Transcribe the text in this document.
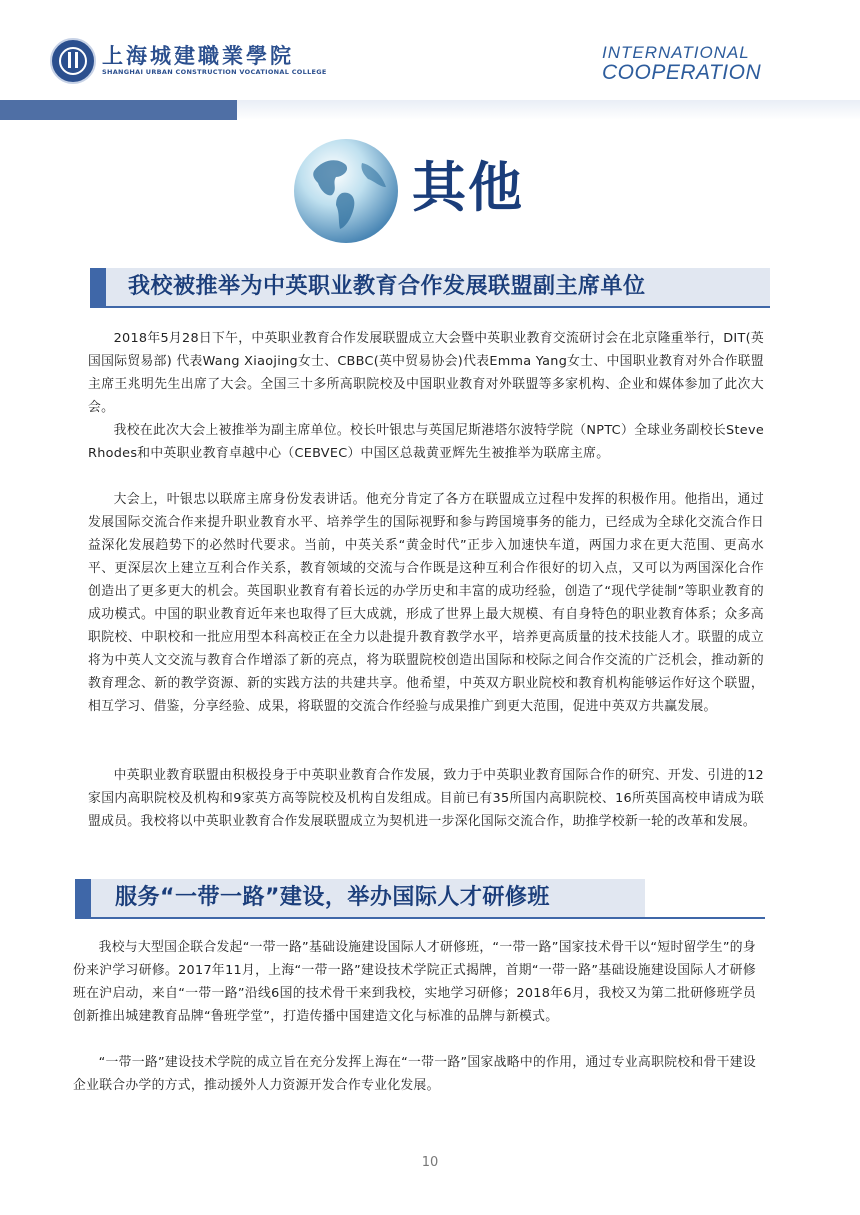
上海城建職業學院
SHANGHAI URBAN CONSTRUCTION VOCATIONAL COLLEGE
INTERNATIONAL
COOPERATION
其他
我校被推举为中英职业教育合作发展联盟副主席单位

2018年5月28日下午，中英职业教育合作发展联盟成立大会暨中英职业教育交流研讨会在北京隆重举行，DIT(英国国际贸易部) 代表Wang Xiaojing女士、CBBC(英中贸易协会)代表Emma Yang女士、中国职业教育对外合作联盟主席王兆明先生出席了大会。全国三十多所高职院校及中国职业教育对外联盟等多家机构、企业和媒体参加了此次大会。

我校在此次大会上被推举为副主席单位。校长叶银忠与英国尼斯港塔尔波特学院（NPTC）全球业务副校长Steve Rhodes和中英职业教育卓越中心（CEBVEC）中国区总裁黄亚辉先生被推举为联席主席。

大会上，叶银忠以联席主席身份发表讲话。他充分肯定了各方在联盟成立过程中发挥的积极作用。他指出，通过发展国际交流合作来提升职业教育水平、培养学生的国际视野和参与跨国境事务的能力，已经成为全球化交流合作日益深化发展趋势下的必然时代要求。当前，中英关系“黄金时代”正步入加速快车道，两国力求在更大范围、更高水平、更深层次上建立互利合作关系，教育领域的交流与合作既是这种互利合作很好的切入点，又可以为两国深化合作创造出了更多更大的机会。英国职业教育有着长远的办学历史和丰富的成功经验，创造了“现代学徒制”等职业教育的成功模式。中国的职业教育近年来也取得了巨大成就，形成了世界上最大规模、有自身特色的职业教育体系；众多高职院校、中职校和一批应用型本科高校正在全力以赴提升教育教学水平，培养更高质量的技术技能人才。联盟的成立将为中英人文交流与教育合作增添了新的亮点，将为联盟院校创造出国际和校际之间合作交流的广泛机会，推动新的教育理念、新的教学资源、新的实践方法的共建共享。他希望，中英双方职业院校和教育机构能够运作好这个联盟，相互学习、借鉴，分享经验、成果，将联盟的交流合作经验与成果推广到更大范围，促进中英双方共赢发展。

中英职业教育联盟由积极投身于中英职业教育合作发展，致力于中英职业教育国际合作的研究、开发、引进的12家国内高职院校及机构和9家英方高等院校及机构自发组成。目前已有35所国内高职院校、16所英国高校申请成为联盟成员。我校将以中英职业教育合作发展联盟成立为契机进一步深化国际交流合作，助推学校新一轮的改革和发展。

服务“一带一路”建设，举办国际人才研修班

我校与大型国企联合发起“一带一路”基础设施建设国际人才研修班，“一带一路”国家技术骨干以“短时留学生”的身份来沪学习研修。2017年11月，上海“一带一路”建设技术学院正式揭牌，首期“一带一路”基础设施建设国际人才研修班在沪启动，来自“一带一路”沿线6国的技术骨干来到我校，实地学习研修；2018年6月，我校又为第二批研修班学员创新推出城建教育品牌“鲁班学堂”，打造传播中国建造文化与标准的品牌与新模式。

“一带一路”建设技术学院的成立旨在充分发挥上海在“一带一路”国家战略中的作用，通过专业高职院校和骨干建设企业联合办学的方式，推动援外人力资源开发合作专业化发展。

10
